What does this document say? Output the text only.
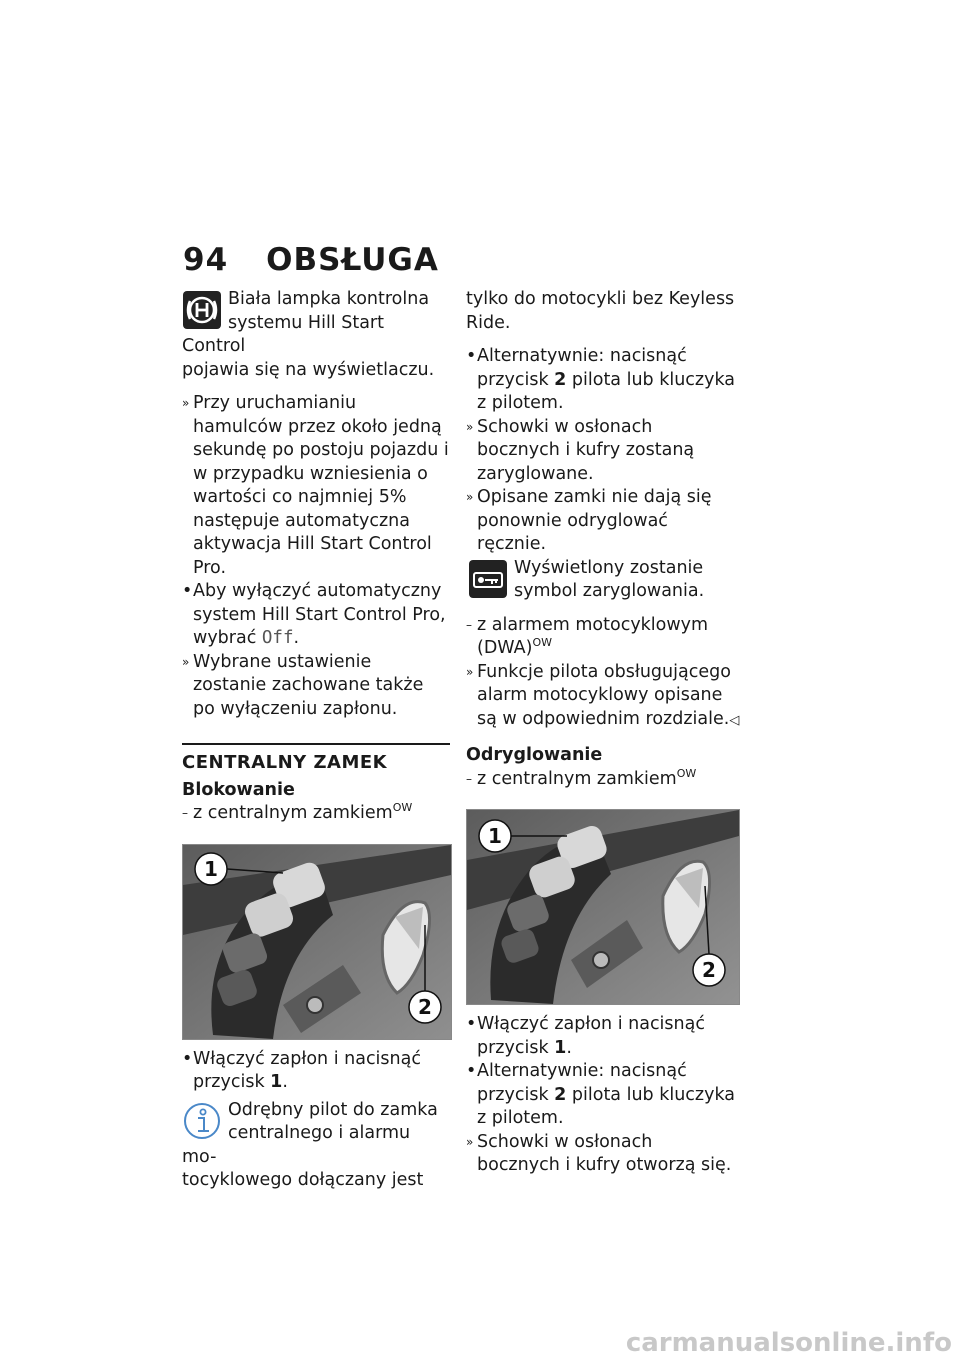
94 OBSŁUGA
Biała lampka kontrolna
systemu Hill Start Control
pojawia się na wyświetlaczu.
» Przy uruchamianiu hamulców przez około jedną sekundę po postoju pojazdu i w przypadku wzniesienia o wartości co najmniej 5% następuje automatyczna aktywacja Hill Start Control Pro.
• Aby wyłączyć automatyczny system Hill Start Control Pro, wybrać Off.
» Wybrane ustawienie zostanie zachowane także po wyłączeniu zapłonu.
CENTRALNY ZAMEK
Blokowanie
– z centralnym zamkiem$^{OW}$
1
2
• Włączyć zapłon i nacisnąć przycisk 1.
Odrębny pilot do zamka
centralnego i alarmu mo-
tocyklowego dołączany jest
tylko do motocykli bez Keyless Ride.
• Alternatywnie: nacisnąć przycisk 2 pilota lub kluczyka z pilotem.
» Schowki w osłonach bocznych i kufry zostaną zaryglowane.
» Opisane zamki nie dają się ponownie odryglować ręcznie.
Wyświetlony zostanie
symbol zaryglowania.
– z alarmem motocyklowym (DWA)$^{OW}$
» Funkcje pilota obsługującego alarm motocyklowy opisane są w odpowiednim rozdziale.◁
Odryglowanie
– z centralnym zamkiem$^{OW}$
1
2
• Włączyć zapłon i nacisnąć przycisk 1.
• Alternatywnie: nacisnąć przycisk 2 pilota lub kluczyka z pilotem.
» Schowki w osłonach bocznych i kufry otworzą się.
carmanualsonline.info
